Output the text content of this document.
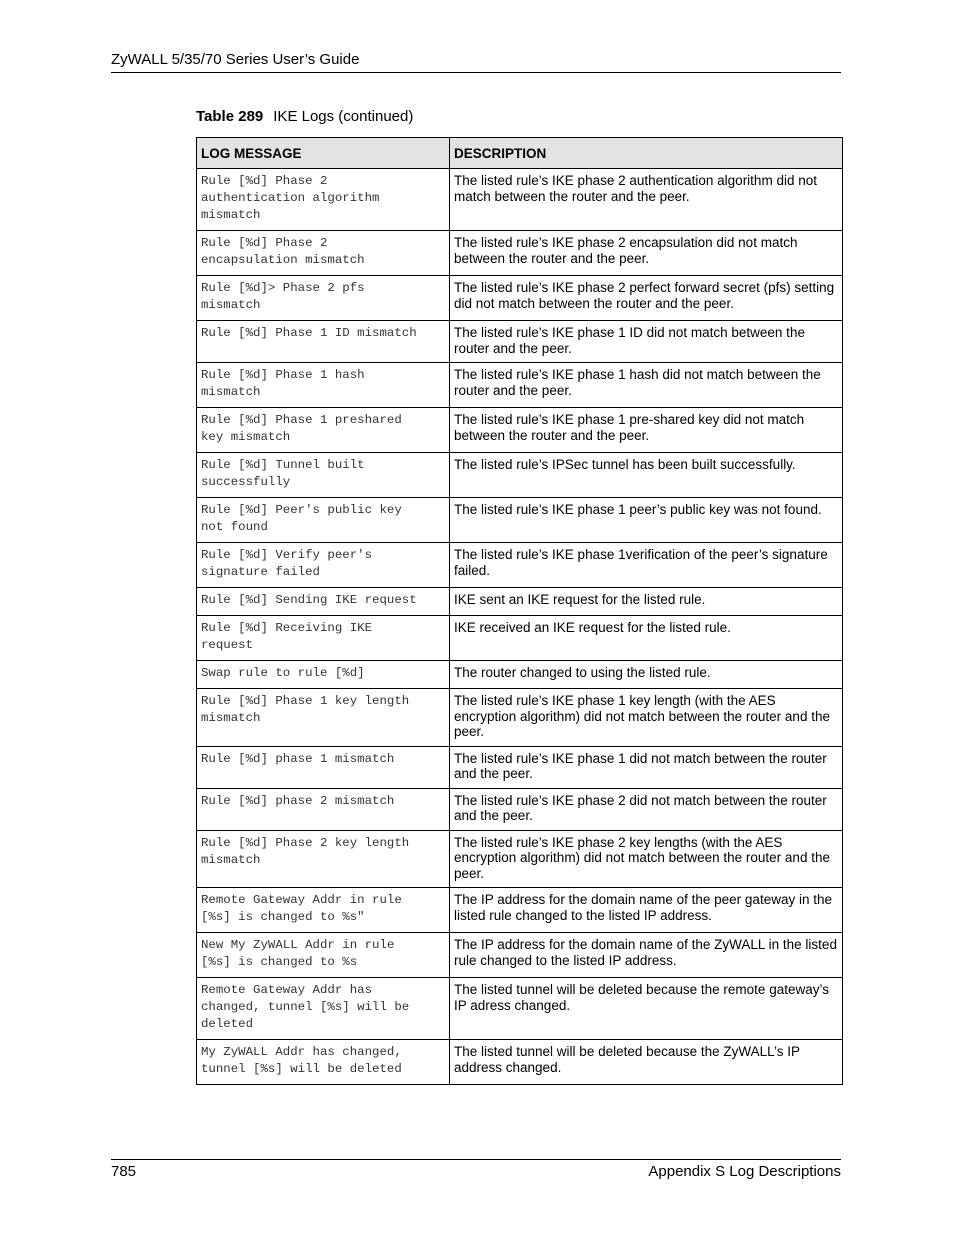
ZyWALL 5/35/70 Series User’s Guide
Table 289 IKE Logs (continued)
LOG MESSAGE	DESCRIPTION
Rule [%d] Phase 2
authentication algorithm
mismatch	The listed rule’s IKE phase 2 authentication algorithm did not match between the router and the peer.
Rule [%d] Phase 2
encapsulation mismatch	The listed rule’s IKE phase 2 encapsulation did not match between the router and the peer.
Rule [%d]> Phase 2 pfs
mismatch	The listed rule’s IKE phase 2 perfect forward secret (pfs) setting did not match between the router and the peer.
Rule [%d] Phase 1 ID mismatch	The listed rule’s IKE phase 1 ID did not match between the router and the peer.
Rule [%d] Phase 1 hash
mismatch	The listed rule’s IKE phase 1 hash did not match between the router and the peer.
Rule [%d] Phase 1 preshared
key mismatch	The listed rule’s IKE phase 1 pre-shared key did not match between the router and the peer.
Rule [%d] Tunnel built
successfully	The listed rule’s IPSec tunnel has been built successfully.
Rule [%d] Peer's public key
not found	The listed rule’s IKE phase 1 peer’s public key was not found.
Rule [%d] Verify peer's
signature failed	The listed rule’s IKE phase 1verification of the peer’s signature failed.
Rule [%d] Sending IKE request	IKE sent an IKE request for the listed rule.
Rule [%d] Receiving IKE
request	IKE received an IKE request for the listed rule.
Swap rule to rule [%d]	The router changed to using the listed rule.
Rule [%d] Phase 1 key length
mismatch	The listed rule’s IKE phase 1 key length (with the AES encryption algorithm) did not match between the router and the peer.
Rule [%d] phase 1 mismatch	The listed rule’s IKE phase 1 did not match between the router and the peer.
Rule [%d] phase 2 mismatch	The listed rule’s IKE phase 2 did not match between the router and the peer.
Rule [%d] Phase 2 key length
mismatch	The listed rule’s IKE phase 2 key lengths (with the AES encryption algorithm) did not match between the router and the peer.
Remote Gateway Addr in rule
[%s] is changed to %s"	The IP address for the domain name of the peer gateway in the listed rule changed to the listed IP address.
New My ZyWALL Addr in rule
[%s] is changed to %s	The IP address for the domain name of the ZyWALL in the listed rule changed to the listed IP address.
Remote Gateway Addr has
changed, tunnel [%s] will be
deleted	The listed tunnel will be deleted because the remote gateway’s IP adress changed.
My ZyWALL Addr has changed,
tunnel [%s] will be deleted	The listed tunnel will be deleted because the ZyWALL’s IP address changed.
785	Appendix S Log Descriptions
